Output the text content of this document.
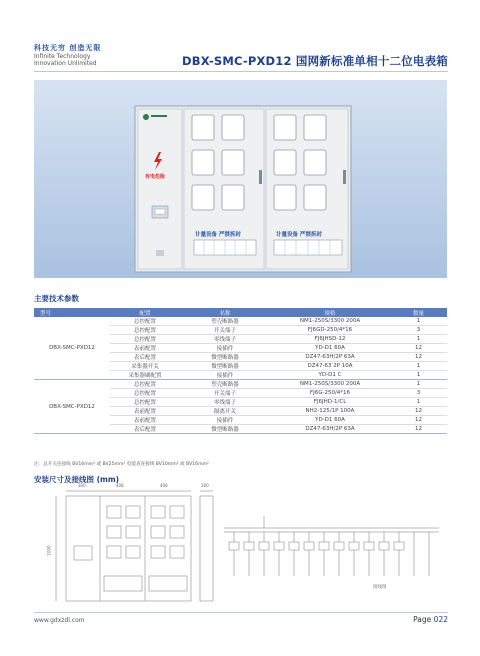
科技无穷 创造无限
Infinite Technology
Innovation Unlimited	DBX-SMC-PXD12 国网新标准单相十二位电表箱
有电危险
计量设备 严禁拆封	计量设备 严禁拆封
主要技术参数
型号	配置	名称	规格	数量
DBX-SMC-PXD12	总控配置	塑壳断路器	NM1-250S/3300 200A	1
	总控配置	开关端子	FJ6GD-250/4*16	3
	总控配置	零线端子	FJ6JHSD-12	1
	表前配置	接插件	YD-D1 60A	12
	表后配置	微型断路器	DZ47-63H/2P 63A	12
	采集器开关	微型断路器	DZ47-63 2P 10A	1
	采集器刷配置	接插件	YD-D1 C	1
DBX-SMC-PXD12	总控配置	塑壳断路器	NM1-250S/3300 200A	1
	总控配置	开关端子	FJ6G-250/4*16	3
	总控配置	零线端子	FJ6JHD-1/CL	1
	表前配置	隔离开关	NH2-125/1P 100A	12
	表前配置	接插件	YD-D1 60A	12
	表后配置	微型断路器	DZ47-63H/2P 63A	12
注：总开关连接线 BV16mm² 或 BV25mm² 电能表连接线 BV10mm² 或 BV16mm²
安装尺寸及接线图 (mm)
300	408	408	160
1000
接线图
www.gdxzdl.com	Page 022
